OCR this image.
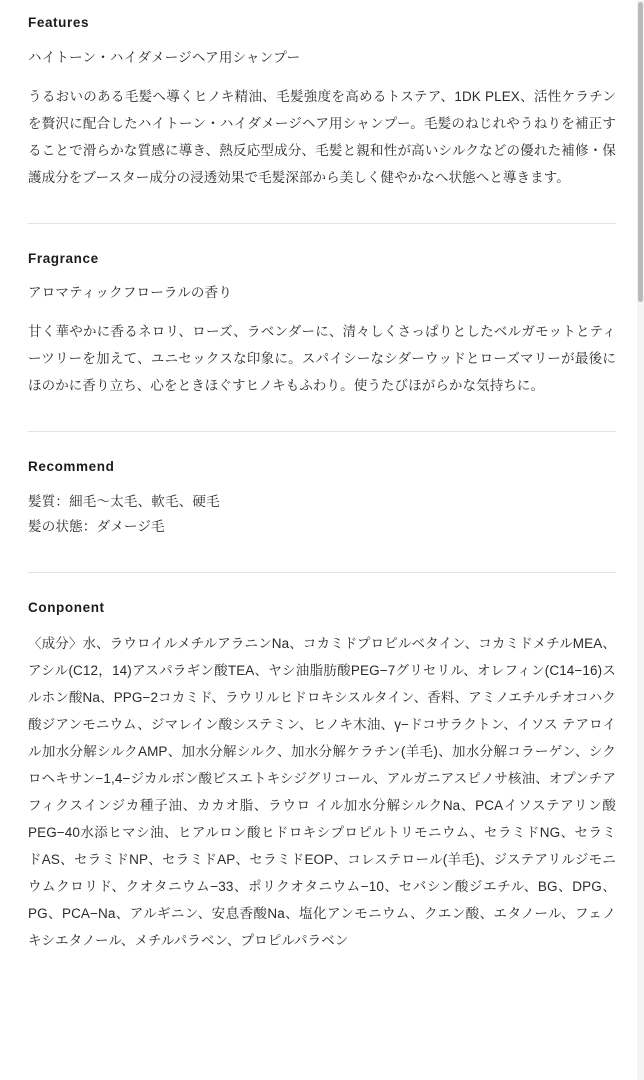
Features

ハイトーン・ハイダメージヘア用シャンプー

うるおいのある毛髪へ導くヒノキ精油、毛髪強度を高めるトステア、1DK PLEX、活性ケラチンを贅沢に配合したハイトーン・ハイダメージヘア用シャンプー。毛髪のねじれやうねりを補正することで滑らかな質感に導き、熱反応型成分、毛髪と親和性が高いシルクなどの優れた補修・保護成分をブースター成分の浸透効果で毛髪深部から美しく健やかなへ状態へと導きます。

Fragrance

アロマティックフローラルの香り

甘く華やかに香るネロリ、ローズ、ラベンダーに、清々しくさっぱりとしたベルガモットとティーツリーを加えて、ユニセックスな印象に。スパイシーなシダーウッドとローズマリーが最後にほのかに香り立ち、心をときほぐすヒノキもふわり。使うたびほがらかな気持ちに。

Recommend

髪質：細毛〜太毛、軟毛、硬毛

髪の状態：ダメージ毛

Conponent

〈成分〉水、ラウロイルメチルアラニンNa、コカミドプロピルベタイン、コカミドメチルMEA、アシル(C12，14)アスパラギン酸TEA、ヤシ油脂肪酸PEG−7グリセリル、オレフィン(C14−16)スルホン酸Na、PPG−2コカミド、ラウリルヒドロキシスルタイン、香料、アミノエチルチオコハク酸ジアンモニウム、ジマレイン酸システミン、ヒノキ木油、γ−ドコサラクトン、イソス テアロイル加水分解シルクAMP、加水分解シルク、加水分解ケラチン(羊毛)、加水分解コラーゲン、シクロヘキサン−1,4−ジカルボン酸ビスエトキシジグリコール、アルガニアスピノサ核油、オプンチアフィクスインジカ種子油、カカオ脂、ラウロ イル加水分解シルクNa、PCAイソステアリン酸PEG−40水添ヒマシ油、ヒアルロン酸ヒドロキシプロピルトリモニウム、セラミドNG、セラミドAS、セラミドNP、セラミドAP、セラミドEOP、コレステロール(羊毛)、ジステアリルジモニウムクロリド、クオタニウム−33、ポリクオタニウム−10、セバシン酸ジエチル、BG、DPG、PG、PCA−Na、アルギニン、安息香酸Na、塩化アンモニウム、クエン酸、エタノール、フェノキシエタノール、メチルパラベン、プロピルパラベン
